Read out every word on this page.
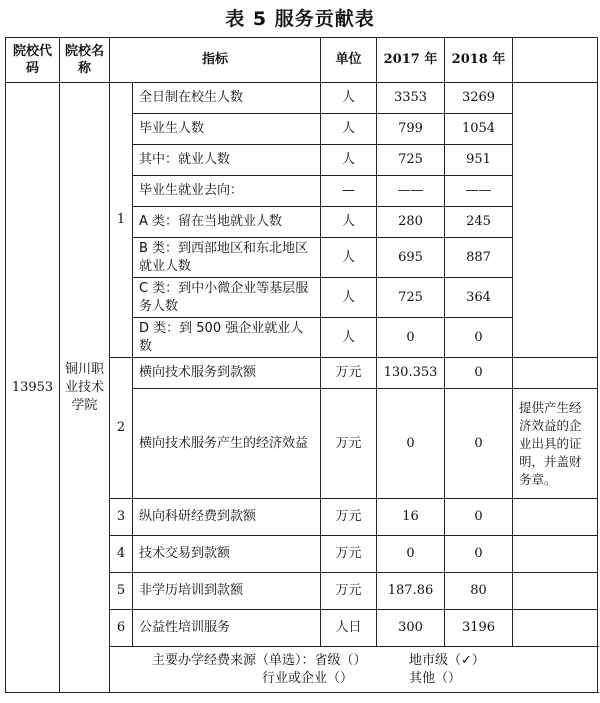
表 5 服务贡献表
院校代码	院校名称	指标		单位	2017 年	2018 年	
13953	铜川职业技术学院	1	全日制在校生人数	人	3353	3269	
			毕业生人数	人	799	1054	
			其中：就业人数	人	725	951	
			毕业生就业去向：	—	——	——	
			A 类：留在当地就业人数	人	280	245	
			B 类：到西部地区和东北地区就业人数	人	695	887	
			C 类：到中小微企业等基层服务人数	人	725	364	
			D 类：到 500 强企业就业人数	人	0	0	
		2	横向技术服务到款额	万元	130.353	0	
			横向技术服务产生的经济效益	万元	0	0	提供产生经济效益的企业出具的证明，并盖财务章。
		3	纵向科研经费到款额	万元	16	0	
		4	技术交易到款额	万元	0	0	
		5	非学历培训到款额	万元	187.86	80	
		6	公益性培训服务	人日	300	3196	

		主要办学经费来源（单选）：省级（） 地市级（✓）
行业或企业（） 其他（）					
